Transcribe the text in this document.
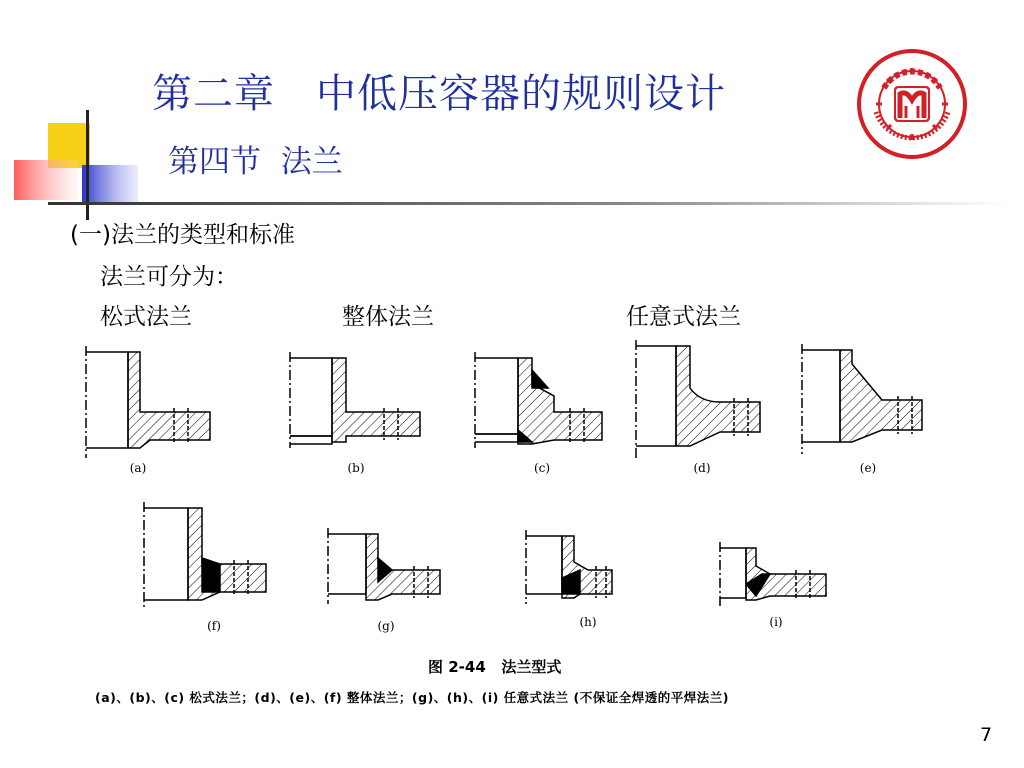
第二章　中低压容器的规则设计
第四节  法兰
(一)法兰的类型和标准
法兰可分为：
松式法兰	整体法兰	任意式法兰
(a)	(b)	(c)	(d)	(e)
(f)	(g)	(h)	(i)
图 2-44   法兰型式
(a)、(b)、(c) 松式法兰；(d)、(e)、(f) 整体法兰；(g)、(h)、(i) 任意式法兰 (不保证全焊透的平焊法兰)
7
